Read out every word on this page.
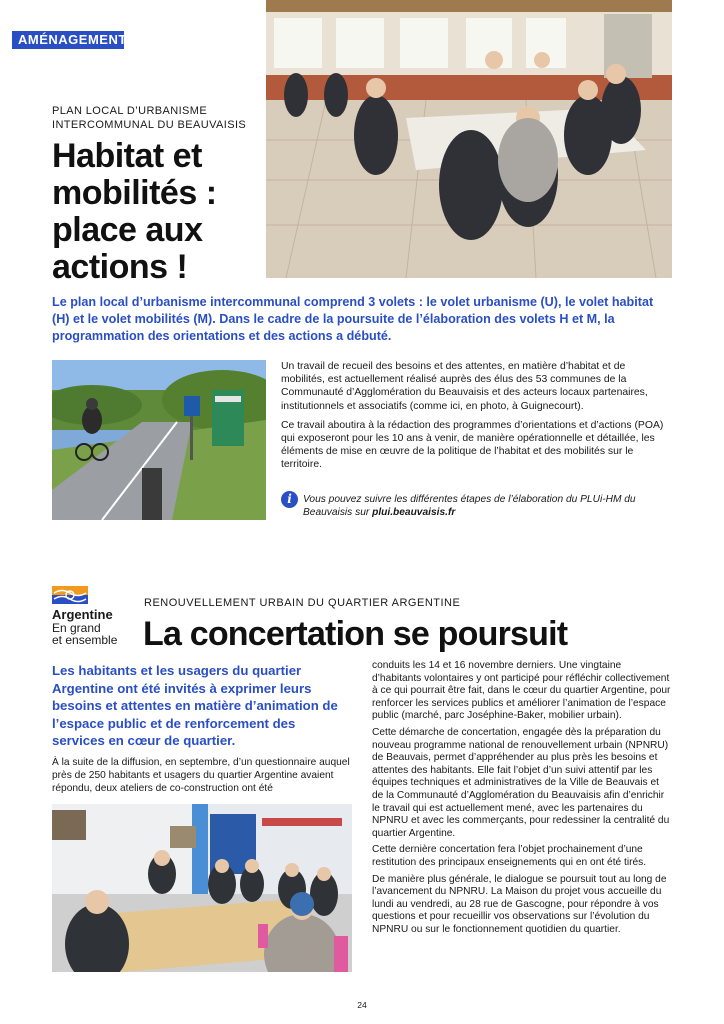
AMÉNAGEMENT
PLAN LOCAL D’URBANISME
INTERCOMMUNAL DU BEAUVAISIS
Habitat et
mobilités :
place aux
actions !
Le plan local d’urbanisme intercommunal comprend 3 volets : le volet urbanisme (U), le volet habitat (H) et le volet mobilités (M). Dans le cadre de la poursuite de l’élaboration des volets H et M, la programmation des orientations et des actions a débuté.

Un travail de recueil des besoins et des attentes, en matière d’habitat et de mobilités, est actuellement réalisé auprès des élus des 53 communes de la Communauté d’Agglomération du Beauvaisis et des acteurs locaux partenaires, institutionnels et associatifs (comme ici, en photo, à Guignecourt).

Ce travail aboutira à la rédaction des programmes d’orientations et d’actions (POA) qui exposeront pour les 10 ans à venir, de manière opérationnelle et détaillée, les éléments de mise en œuvre de la politique de l’habitat et des mobilités sur le territoire.

i	Vous pouvez suivre les différentes étapes de l’élaboration du PLUi-HM du Beauvaisis sur plui.beauvaisis.fr
Argentine
En grand
et ensemble
RENOUVELLEMENT URBAIN DU QUARTIER ARGENTINE
La concertation se poursuit
Les habitants et les usagers du quartier Argentine ont été invités à exprimer leurs besoins et attentes en matière d’animation de l’espace public et de renforcement des services en cœur de quartier.
À la suite de la diffusion, en septembre, d’un questionnaire auquel près de 250 habitants et usagers du quartier Argentine avaient répondu, deux ateliers de co-construction ont été

conduits les 14 et 16 novembre derniers. Une vingtaine d’habitants volontaires y ont participé pour réfléchir collectivement à ce qui pourrait être fait, dans le cœur du quartier Argentine, pour renforcer les services publics et améliorer l’animation de l’espace public (marché, parc Joséphine-Baker, mobilier urbain).

Cette démarche de concertation, engagée dès la préparation du nouveau programme national de renouvellement urbain (NPNRU) de Beauvais, permet d’appréhender au plus près les besoins et attentes des habitants. Elle fait l’objet d’un suivi attentif par les équipes techniques et administratives de la Ville de Beauvais et de la Communauté d’Agglomération du Beauvaisis afin d’enrichir le travail qui est actuellement mené, avec les partenaires du NPNRU et avec les commerçants, pour redessiner la centralité du quartier Argentine.

Cette dernière concertation fera l’objet prochainement d’une restitution des principaux enseignements qui en ont été tirés.

De manière plus générale, le dialogue se poursuit tout au long de l’avancement du NPNRU. La Maison du projet vous accueille du lundi au vendredi, au 28 rue de Gascogne, pour répondre à vos questions et pour recueillir vos observations sur l’évolution du NPNRU ou sur le fonctionnement quotidien du quartier.

24
